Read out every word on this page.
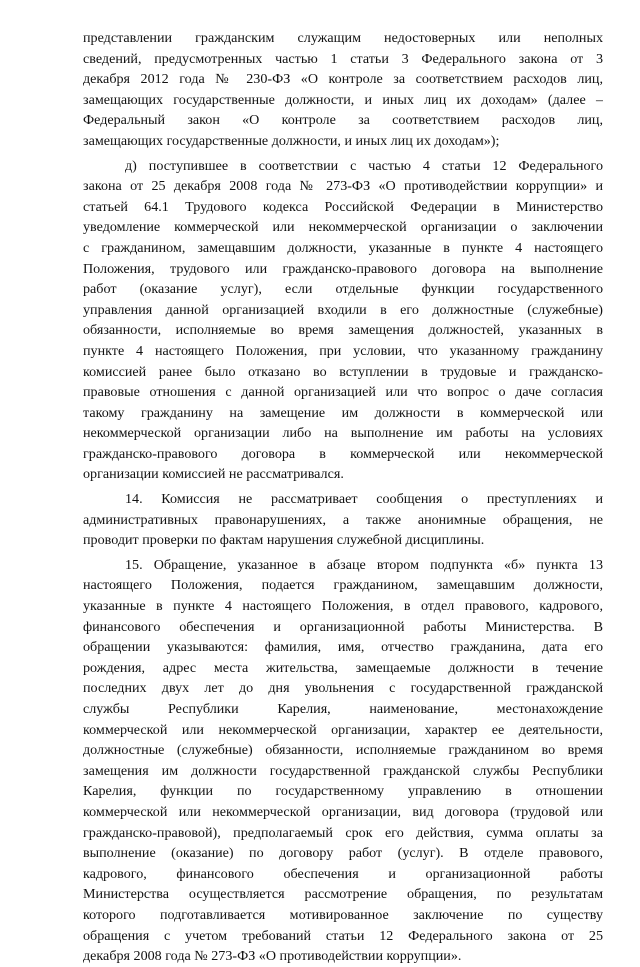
представлении гражданским служащим недостоверных или неполных
сведений, предусмотренных частью 1 статьи 3 Федерального закона от 3
декабря 2012 года № 230-ФЗ «О контроле за соответствием расходов лиц,
замещающих государственные должности, и иных лиц их доходам» (далее –
Федеральный закон «О контроле за соответствием расходов лиц,
замещающих государственные должности, и иных лиц их доходам»);
д) поступившее в соответствии с частью 4 статьи 12 Федерального
закона от 25 декабря 2008 года № 273-ФЗ «О противодействии коррупции» и
статьей 64.1 Трудового кодекса Российской Федерации в Министерство
уведомление коммерческой или некоммерческой организации о заключении
с гражданином, замещавшим должности, указанные в пункте 4 настоящего
Положения, трудового или гражданско-правового договора на выполнение
работ (оказание услуг), если отдельные функции государственного
управления данной организацией входили в его должностные (служебные)
обязанности, исполняемые во время замещения должностей, указанных в
пункте 4 настоящего Положения, при условии, что указанному гражданину
комиссией ранее было отказано во вступлении в трудовые и гражданско-
правовые отношения с данной организацией или что вопрос о даче согласия
такому гражданину на замещение им должности в коммерческой или
некоммерческой организации либо на выполнение им работы на условиях
гражданско-правового договора в коммерческой или некоммерческой
организации комиссией не рассматривался.
14. Комиссия не рассматривает сообщения о преступлениях и
административных правонарушениях, а также анонимные обращения, не
проводит проверки по фактам нарушения служебной дисциплины.
15. Обращение, указанное в абзаце втором подпункта «б» пункта 13
настоящего Положения, подается гражданином, замещавшим должности,
указанные в пункте 4 настоящего Положения, в отдел правового, кадрового,
финансового обеспечения и организационной работы Министерства. В
обращении указываются: фамилия, имя, отчество гражданина, дата его
рождения, адрес места жительства, замещаемые должности в течение
последних двух лет до дня увольнения с государственной гражданской
службы Республики Карелия, наименование, местонахождение
коммерческой или некоммерческой организации, характер ее деятельности,
должностные (служебные) обязанности, исполняемые гражданином во время
замещения им должности государственной гражданской службы Республики
Карелия, функции по государственному управлению в отношении
коммерческой или некоммерческой организации, вид договора (трудовой или
гражданско-правовой), предполагаемый срок его действия, сумма оплаты за
выполнение (оказание) по договору работ (услуг). В отделе правового,
кадрового, финансового обеспечения и организационной работы
Министерства осуществляется рассмотрение обращения, по результатам
которого подготавливается мотивированное заключение по существу
обращения с учетом требований статьи 12 Федерального закона от 25
декабря 2008 года № 273-ФЗ «О противодействии коррупции».
